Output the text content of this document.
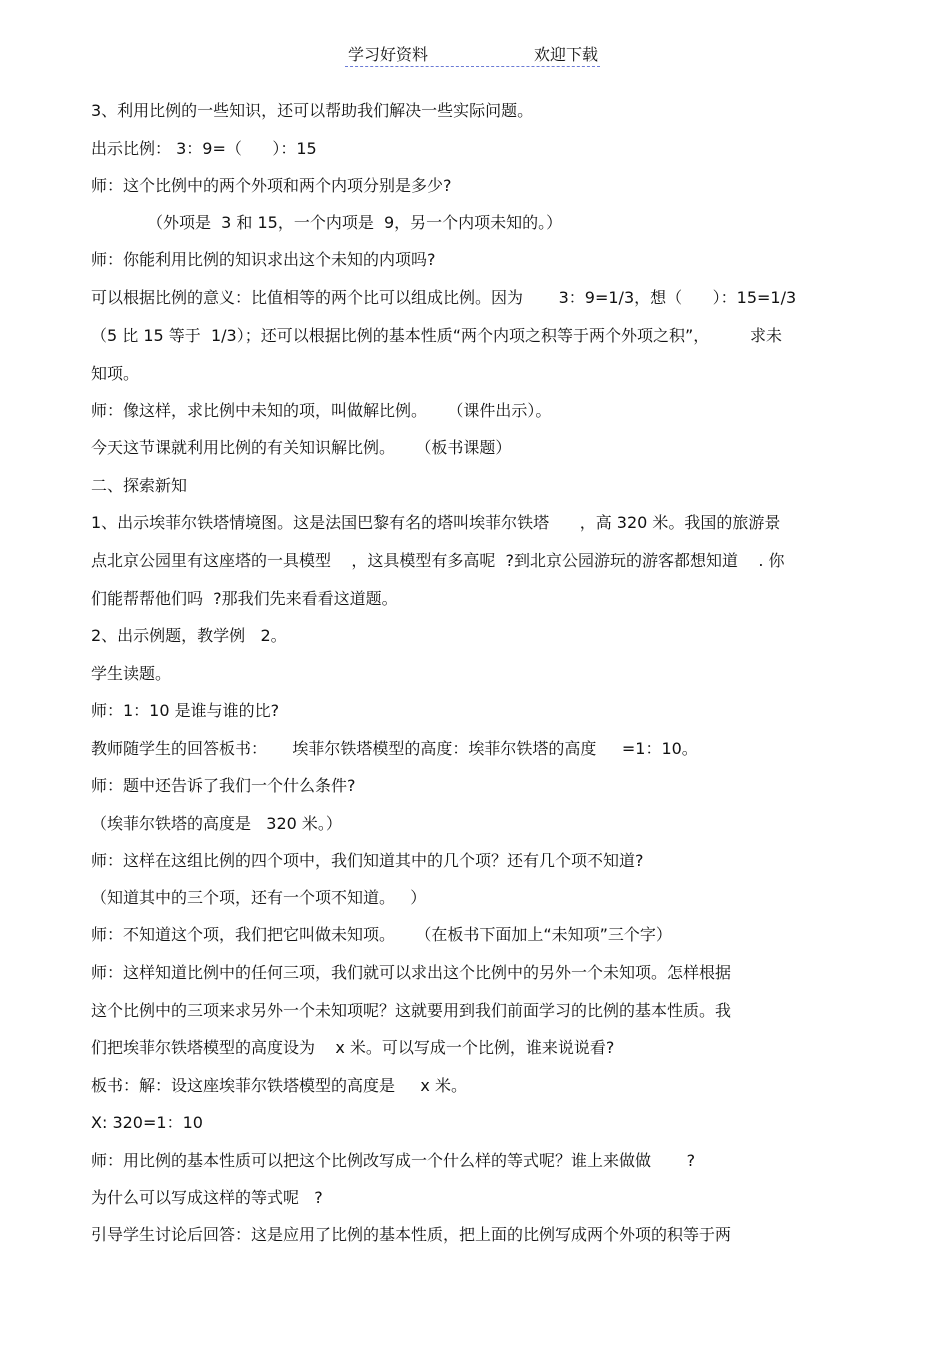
学习好资料	欢迎下载
3、利用比例的一些知识，还可以帮助我们解决一些实际问题。
出示比例： 3：9=（      ）：15
师：这个比例中的两个外项和两个内项分别是多少?
（外项是  3 和 15，一个内项是  9，另一个内项未知的。）
师：你能利用比例的知识求出这个未知的内项吗?
可以根据比例的意义：比值相等的两个比可以组成比例。因为       3：9=1/3，想（      ）：15=1/3
（5 比 15 等于  1/3）；还可以根据比例的基本性质“两个内项之积等于两个外项之积”，        求未
知项。
师：像这样，求比例中未知的项，叫做解比例。    （课件出示）。
今天这节课就利用比例的有关知识解比例。    （板书课题）
二、探索新知
1、出示埃菲尔铁塔情境图。这是法国巴黎有名的塔叫埃菲尔铁塔      ，高 320 米。我国的旅游景
点北京公园里有这座塔的一具模型    ，这具模型有多高呢  ?到北京公园游玩的游客都想知道    . 你
们能帮帮他们吗  ?那我们先来看看这道题。
2、出示例题，教学例   2。
学生读题。
师：1：10 是谁与谁的比?
教师随学生的回答板书：     埃菲尔铁塔模型的高度：埃菲尔铁塔的高度     =1：10。
师：题中还告诉了我们一个什么条件?
（埃菲尔铁塔的高度是   320 米。）
师：这样在这组比例的四个项中，我们知道其中的几个项？还有几个项不知道?
（知道其中的三个项，还有一个项不知道。   ）
师：不知道这个项，我们把它叫做未知项。    （在板书下面加上“未知项”三个字）
师：这样知道比例中的任何三项，我们就可以求出这个比例中的另外一个未知项。怎样根据
这个比例中的三项来求另外一个未知项呢？这就要用到我们前面学习的比例的基本性质。我
们把埃菲尔铁塔模型的高度设为    x 米。可以写成一个比例，谁来说说看?
板书：解：设这座埃菲尔铁塔模型的高度是     x 米。
X: 320=1：10
师：用比例的基本性质可以把这个比例改写成一个什么样的等式呢？谁上来做做       ?
为什么可以写成这样的等式呢   ?
引导学生讨论后回答：这是应用了比例的基本性质，把上面的比例写成两个外项的积等于两
